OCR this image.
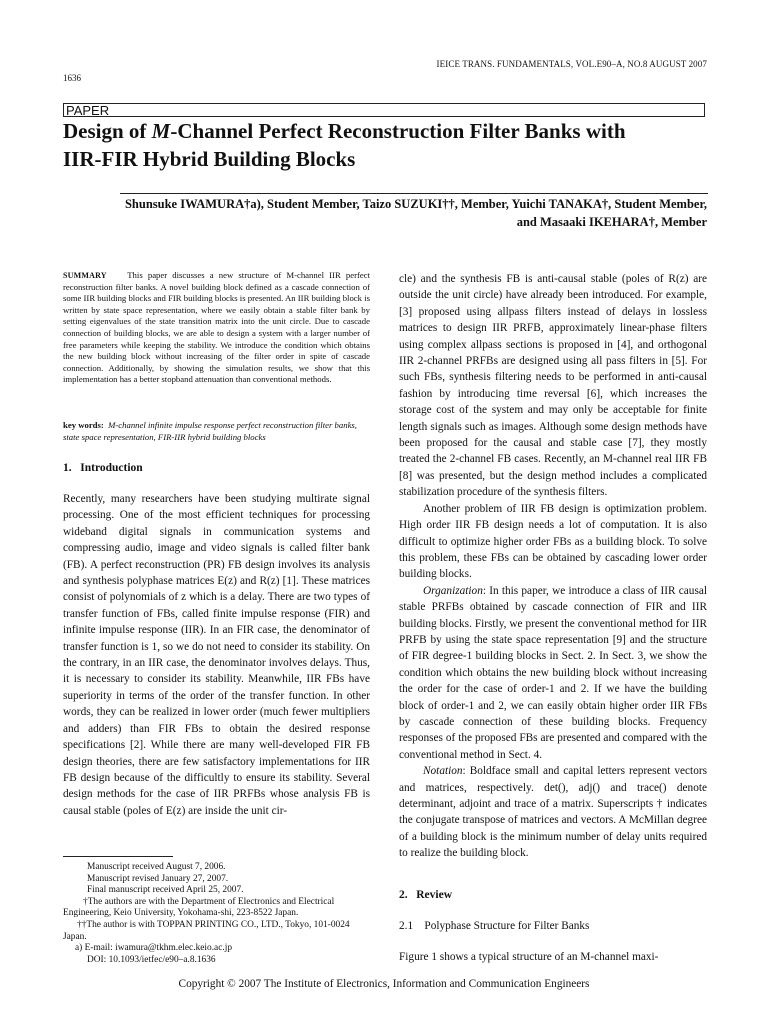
IEICE TRANS. FUNDAMENTALS, VOL.E90–A, NO.8 AUGUST 2007
1636
PAPER
Design of M-Channel Perfect Reconstruction Filter Banks with
IIR-FIR Hybrid Building Blocks
Shunsuke IWAMURA†a), Student Member, Taizo SUZUKI††, Member, Yuichi TANAKA†, Student Member,
and Masaaki IKEHARA†, Member
SUMMARY This paper discusses a new structure of M-channel IIR perfect reconstruction filter banks. A novel building block defined as a cascade connection of some IIR building blocks and FIR building blocks is presented. An IIR building block is written by state space representation, where we easily obtain a stable filter bank by setting eigenvalues of the state transition matrix into the unit circle. Due to cascade connection of building blocks, we are able to design a system with a larger number of free parameters while keeping the stability. We introduce the condition which obtains the new building block without increasing of the filter order in spite of cascade connection. Additionally, by showing the simulation results, we show that this implementation has a better stopband attenuation than conventional methods.
key words: M-channel infinite impulse response perfect reconstruction filter banks, state space representation, FIR-IIR hybrid building blocks
1.   Introduction
Recently, many researchers have been studying multirate signal processing. One of the most efficient techniques for processing wideband digital signals in communication systems and compressing audio, image and video signals is called filter bank (FB). A perfect reconstruction (PR) FB design involves its analysis and synthesis polyphase matrices E(z) and R(z) [1]. These matrices consist of polynomials of z which is a delay. There are two types of transfer function of FBs, called finite impulse response (FIR) and infinite impulse response (IIR). In an FIR case, the denominator of transfer function is 1, so we do not need to consider its stability. On the contrary, in an IIR case, the denominator involves delays. Thus, it is necessary to consider its stability. Meanwhile, IIR FBs have superiority in terms of the order of the transfer function. In other words, they can be realized in lower order (much fewer multipliers and adders) than FIR FBs to obtain the desired response specifications [2]. While there are many well-developed FIR FB design theories, there are few satisfactory implementations for IIR FB design because of the difficultly to ensure its stability. Several design methods for the case of IIR PRFBs whose analysis FB is causal stable (poles of E(z) are inside the unit cir-
Manuscript received August 7, 2006.
Manuscript revised January 27, 2007.
Final manuscript received April 25, 2007.
†The authors are with the Department of Electronics and Electrical Engineering, Keio University, Yokohama-shi, 223-8522 Japan.
††The author is with TOPPAN PRINTING CO., LTD., Tokyo, 101-0024 Japan.
a) E-mail: iwamura@tkhm.elec.keio.ac.jp
DOI: 10.1093/ietfec/e90–a.8.1636

cle) and the synthesis FB is anti-causal stable (poles of R(z) are outside the unit circle) have already been introduced. For example, [3] proposed using allpass filters instead of delays in lossless matrices to design IIR PRFB, approximately linear-phase filters using complex allpass sections is proposed in [4], and orthogonal IIR 2-channel PRFBs are designed using all pass filters in [5]. For such FBs, synthesis filtering needs to be performed in anti-causal fashion by introducing time reversal [6], which increases the storage cost of the system and may only be acceptable for finite length signals such as images. Although some design methods have been proposed for the causal and stable case [7], they mostly treated the 2-channel FB cases. Recently, an M-channel real IIR FB [8] was presented, but the design method includes a complicated stabilization procedure of the synthesis filters.

Another problem of IIR FB design is optimization problem. High order IIR FB design needs a lot of computation. It is also difficult to optimize higher order FBs as a building block. To solve this problem, these FBs can be obtained by cascading lower order building blocks.

Organization: In this paper, we introduce a class of IIR causal stable PRFBs obtained by cascade connection of FIR and IIR building blocks. Firstly, we present the conventional method for IIR PRFB by using the state space representation [9] and the structure of FIR degree-1 building blocks in Sect. 2. In Sect. 3, we show the condition which obtains the new building block without increasing the order for the case of order-1 and 2. If we have the building block of order-1 and 2, we can easily obtain higher order IIR FBs by cascade connection of these building blocks. Frequency responses of the proposed FBs are presented and compared with the conventional method in Sect. 4.

Notation: Boldface small and capital letters represent vectors and matrices, respectively. det(), adj() and trace() denote determinant, adjoint and trace of a matrix. Superscripts † indicates the conjugate transpose of matrices and vectors. A McMillan degree of a building block is the minimum number of delay units required to realize the building block.

2.   Review
2.1    Polyphase Structure for Filter Banks
Figure 1 shows a typical structure of an M-channel maxi-
Copyright © 2007 The Institute of Electronics, Information and Communication Engineers
